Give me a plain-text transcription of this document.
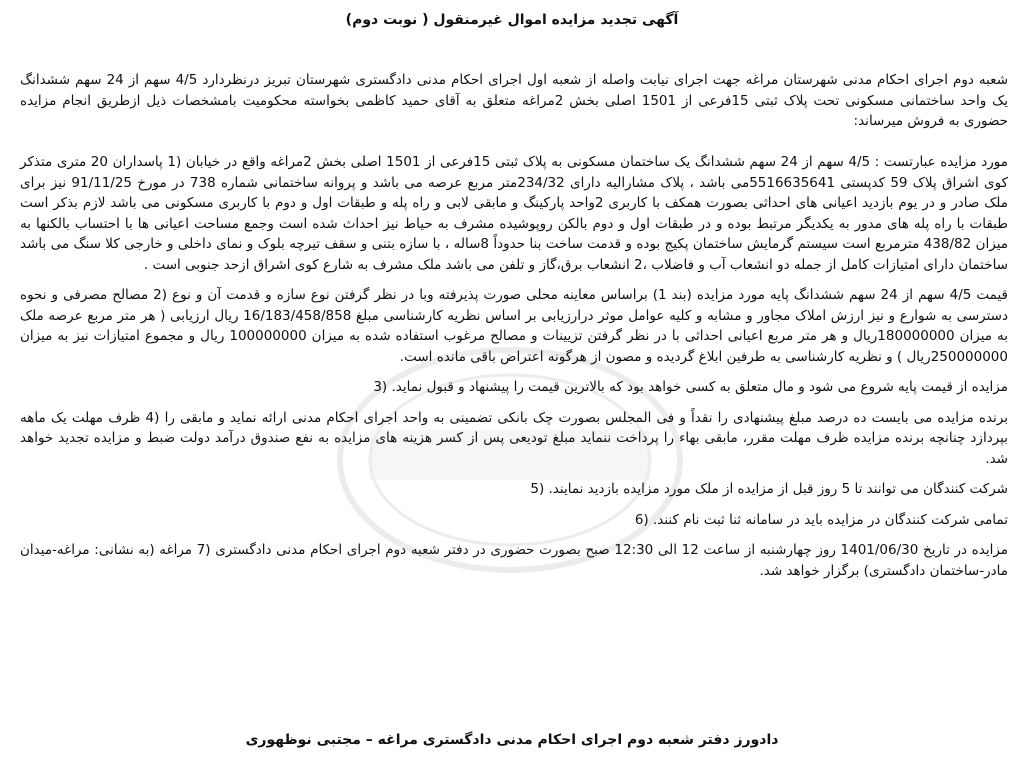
آگهی تجدید مزایده اموال غیرمنقول ( نوبت دوم)

شعبه دوم اجرای احکام مدنی شهرستان مراغه جهت اجرای نیابت واصله از شعبه اول اجرای احکام مدنی دادگستری شهرستان تبریز درنظردارد 4/5 سهم از 24 سهم ششدانگ یک واحد ساختمانی مسکونی تحت پلاک ثبتی 15فرعی از 1501 اصلی بخش 2مراغه متعلق به آقای حمید کاظمی بخواسته محکومیت بامشخصات ذیل ازطریق انجام مزایده حضوری به فروش میرساند:

مورد مزایده عبارتست : 4/5 سهم از 24 سهم ششدانگ یک ساختمان مسکونی به پلاک ثبتی 15فرعی از 1501 اصلی بخش 2مراغه واقع در خیابان (1 پاسداران 20 متری متذکر کوی اشراق پلاک 59 کدپستی 5516635641می باشد ، پلاک مشاراليه دارای 234/32متر مربع عرصه می باشد و پروانه ساختمانی شماره 738 در مورخ 91/11/25 نیز برای ملک صادر و در یوم بازدید اعیانی های احداثی بصورت همکف با کاربری 2واحد پارکینگ و مابقی لابی و راه پله و طبقات اول و دوم با کاربری مسکونی می باشد لازم بذکر است طبقات با راه پله های مدور به یکدیگر مرتبط بوده و در طبقات اول و دوم بالکن روپوشیده مشرف به حیاط نیز احداث شده است وجمع مساحت اعیانی ها با احتساب بالکنها به میزان 438/82 مترمربع است سیستم گرمایش ساختمان پکیج بوده و قدمت ساخت بنا حدوداً 8ساله ، با سازه بتنی و سقف تیرچه بلوک و نمای داخلی و خارجی کلا سنگ می باشد ساختمان دارای امتیازات کامل از جمله دو انشعاب آب و فاضلاب ،2 انشعاب برق،گاز و تلفن می باشد ملک مشرف به شارع کوی اشراق ازحد جنوبی است .

قیمت 4/5 سهم از 24 سهم ششدانگ پایه مورد مزایده (بند 1) براساس معاینه محلی صورت پذیرفته وبا در نظر گرفتن نوع سازه و قدمت آن و نوع (2 مصالح مصرفی و نحوه دسترسی به شوارع و نیز ارزش املاک مجاور و مشابه و کلیه عوامل موثر درارزیابی بر اساس نظریه کارشناسی مبلغ 16/183/458/858 ریال ارزیابی ( هر متر مربع عرصه ملک به میزان 180000000ریال و هر متر مربع اعیانی احداثی با در نظر گرفتن تزیینات و مصالح مرغوب استفاده شده به میزان 100000000 ریال و مجموع امتیازات نیز به میزان 250000000ریال ) و نظریه کارشناسی به طرفین ابلاغ گردیده و مصون از هرگونه اعتراض باقی مانده است.

مزایده از قیمت پایه شروع می شود و مال متعلق به کسی خواهد بود که بالاترین قیمت را پیشنهاد و قبول نماید. (3

برنده مزایده می بایست ده درصد مبلغ پیشنهادی را نقداً و فی المجلس بصورت چک بانکی تضمینی به واحد اجرای احکام مدنی ارائه نماید و مابقی را (4 ظرف مهلت یک ماهه بپردازد چنانچه برنده مزایده ظرف مهلت مقرر، مابقی بهاء را پرداخت ننماید مبلغ تودیعی پس از کسر هزینه های مزایده به نفع صندوق درآمد دولت ضبط و مزایده تجدید خواهد شد.

شرکت کنندگان می توانند تا 5 روز قبل از مزایده از ملک مورد مزایده بازدید نمایند. (5

تمامی شرکت کنندگان در مزایده باید در سامانه ثنا ثبت نام کنند. (6

مزایده در تاریخ 1401/06/30 روز چهارشنبه از ساعت 12 الی 12:30 صبح بصورت حضوری در دفتر شعبه دوم اجرای احکام مدنی دادگستری (7 مراغه (به نشانی: مراغه-میدان مادر-ساختمان دادگستری) برگزار خواهد شد.

دادورز دفتر شعبه دوم اجرای احکام مدنی دادگستری مراغه – مجتبی نوظهوری
